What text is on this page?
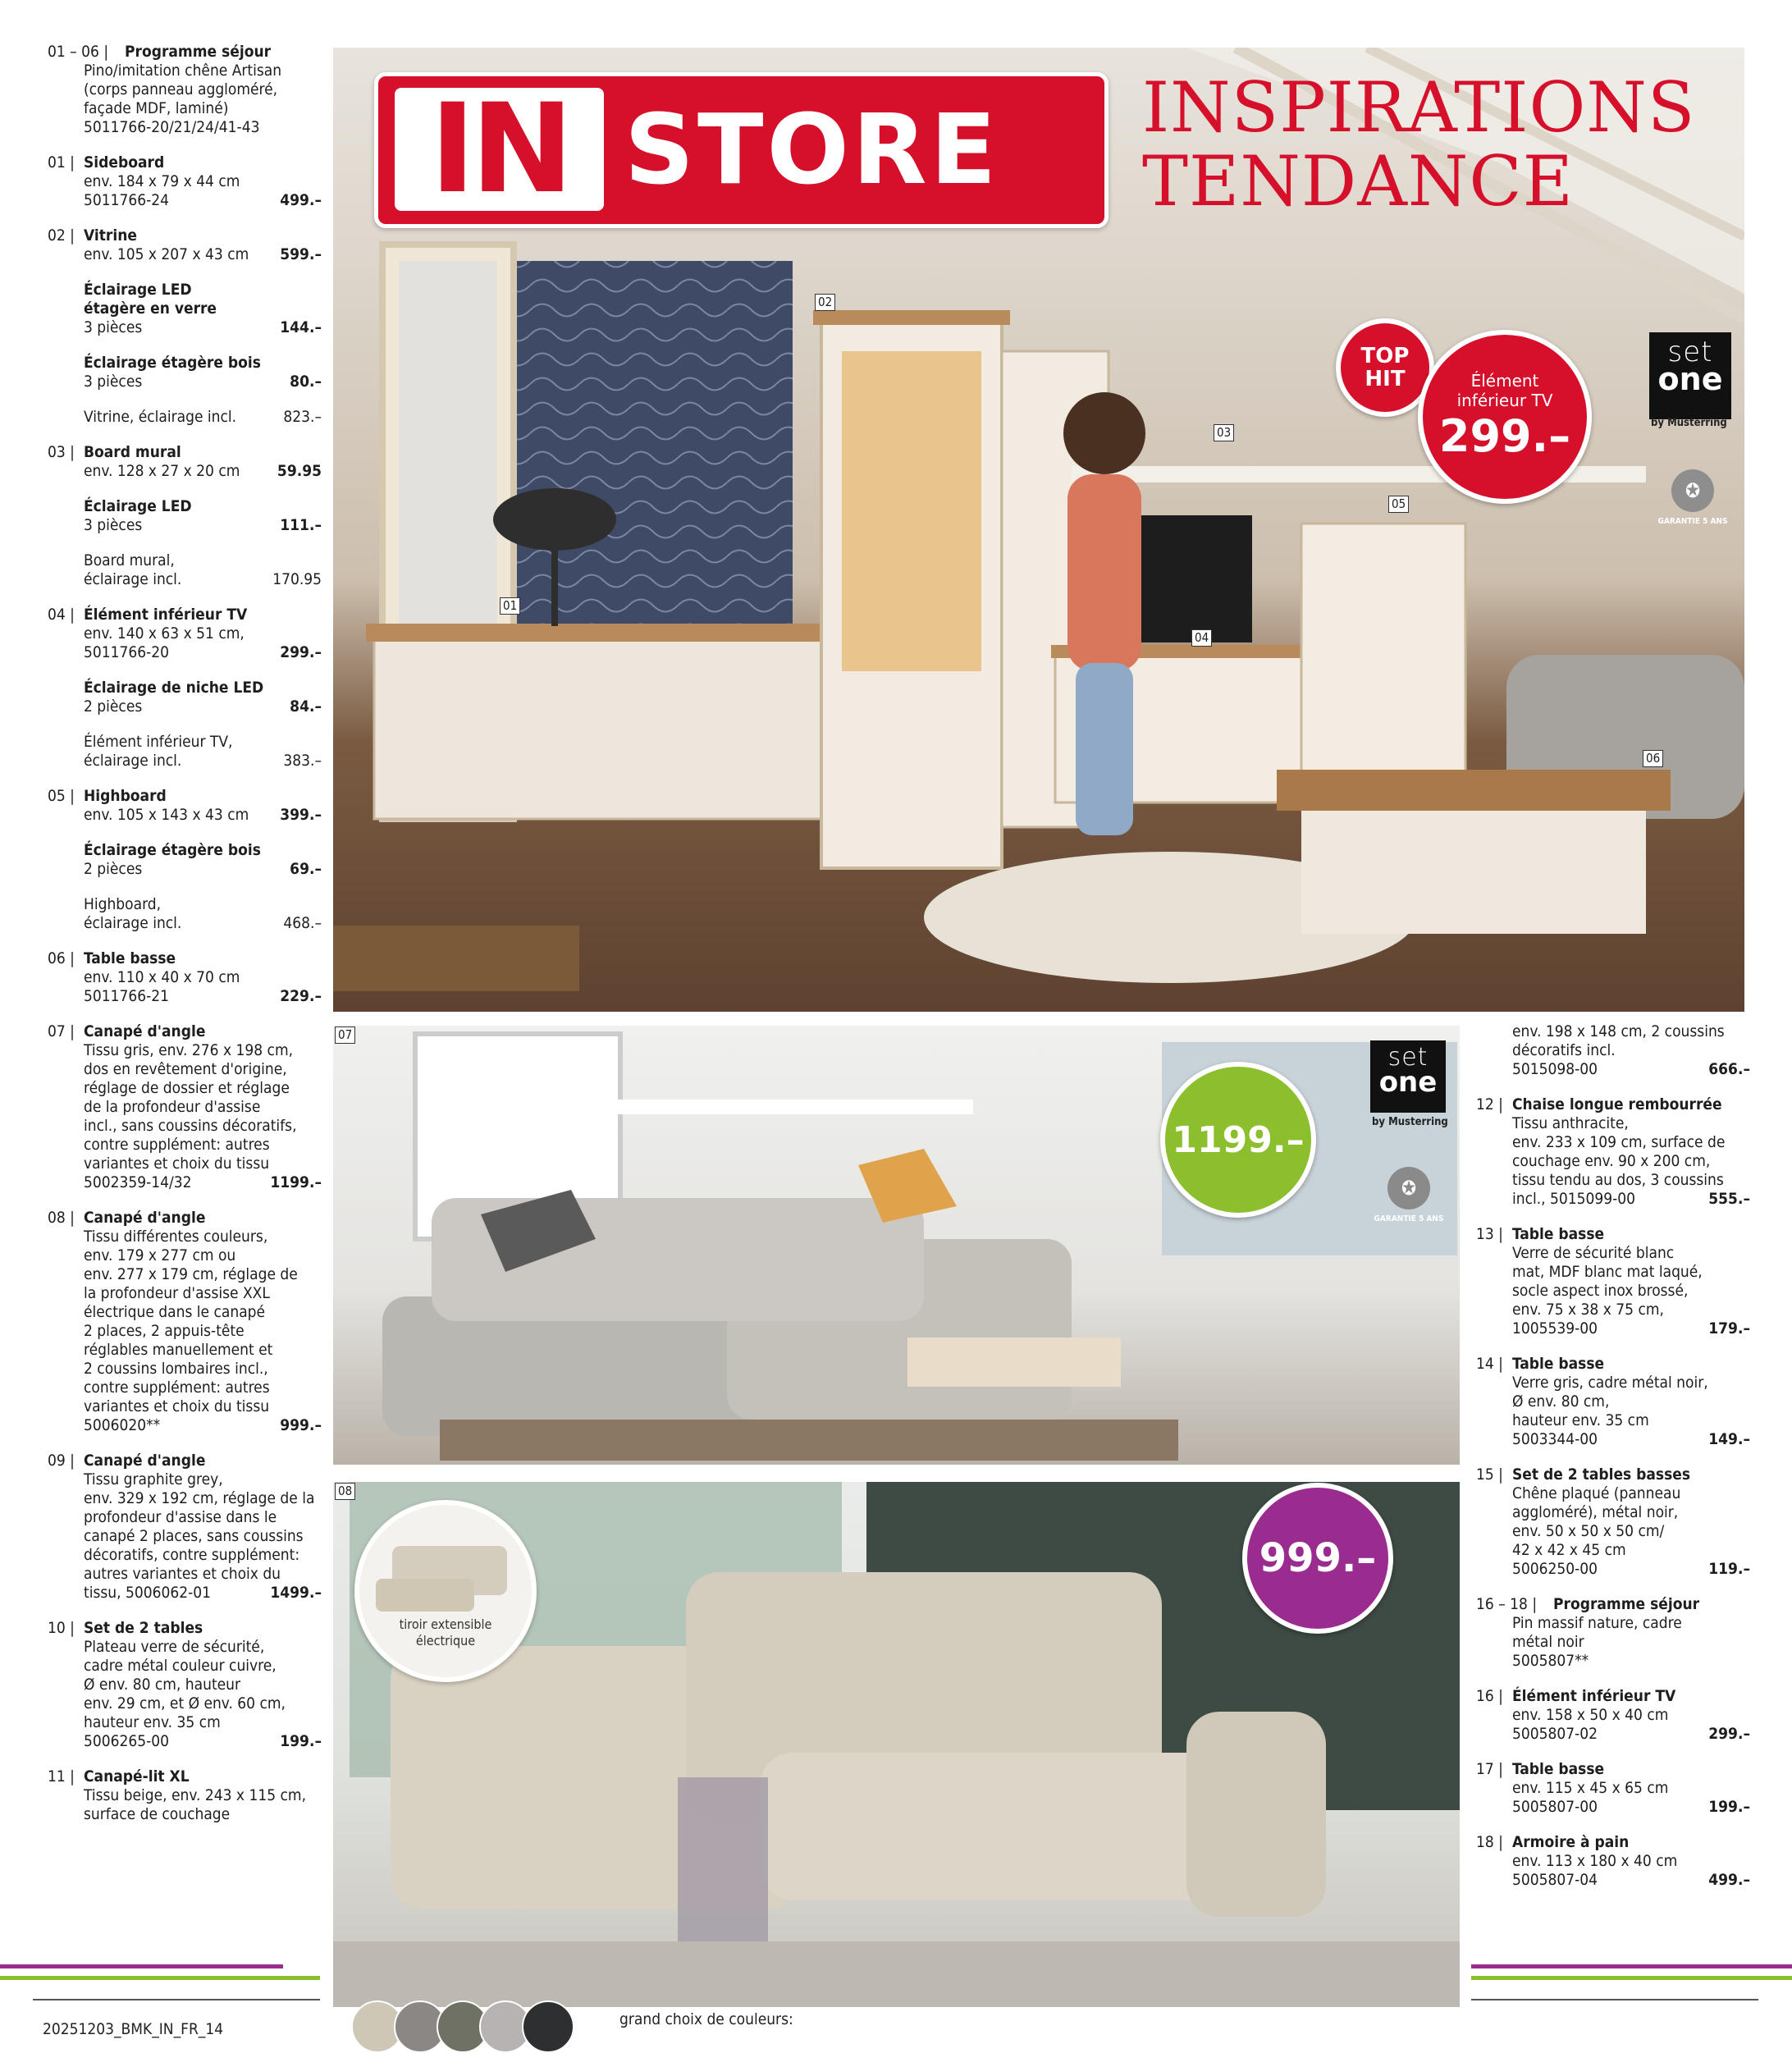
01 – 06 | Programme séjour
Pino/imitation chêne Artisan
(corps panneau aggloméré,
façade MDF, laminé)
5011766-20/21/24/41-43
01 | Sideboard
env. 184 x 79 x 44 cm
5011766-24	499.–
02 | Vitrine
env. 105 x 207 x 43 cm	599.–
Éclairage LED
étagère en verre
3 pièces	144.–
Éclairage étagère bois
3 pièces	80.–
Vitrine, éclairage incl.	823.–
03 | Board mural
env. 128 x 27 x 20 cm	59.95
Éclairage LED
3 pièces	111.–
Board mural,
éclairage incl.	170.95
04 | Élément inférieur TV
env. 140 x 63 x 51 cm,
5011766-20	299.–
Éclairage de niche LED
2 pièces	84.–
Élément inférieur TV,
éclairage incl.	383.–
05 | Highboard
env. 105 x 143 x 43 cm	399.–
Éclairage étagère bois
2 pièces	69.–
Highboard,
éclairage incl.	468.–
06 | Table basse
env. 110 x 40 x 70 cm
5011766-21	229.–
07 | Canapé d'angle
Tissu gris, env. 276 x 198 cm,
dos en revêtement d'origine,
réglage de dossier et réglage
de la profondeur d'assise
incl., sans coussins décoratifs,
contre supplément: autres
variantes et choix du tissu
5002359-14/32	1199.–
08 | Canapé d'angle
Tissu différentes couleurs,
env. 179 x 277 cm ou
env. 277 x 179 cm, réglage de
la profondeur d'assise XXL
électrique dans le canapé
2 places, 2 appuis-tête
réglables manuellement et
2 coussins lombaires incl.,
contre supplément: autres
variantes et choix du tissu
5006020**	999.–
09 | Canapé d'angle
Tissu graphite grey,
env. 329 x 192 cm, réglage de la
profondeur d'assise dans le
canapé 2 places, sans coussins
décoratifs, contre supplément:
autres variantes et choix du
tissu, 5006062-01	1499.–
10 | Set de 2 tables
Plateau verre de sécurité,
cadre métal couleur cuivre,
Ø env. 80 cm, hauteur
env. 29 cm, et Ø env. 60 cm,
hauteur env. 35 cm
5006265-00	199.–
11 | Canapé-lit XL
Tissu beige, env. 243 x 115 cm,
surface de couchage
IN STORE INSPIRATIONS
TENDANCE
TOP HIT	Élément
inférieur TV
299.–
set
one
by Musterring
✪
GARANTIE 5 ANS
01
02
03
04
05
06
1199.–
set
one
by Musterring
✪
GARANTIE 5 ANS
07
tiroir extensible
électrique
999.–
08
env. 198 x 148 cm, 2 coussins
décoratifs incl.
5015098-00	666.–
12 | Chaise longue rembourrée
Tissu anthracite,
env. 233 x 109 cm, surface de
couchage env. 90 x 200 cm,
tissu tendu au dos, 3 coussins
incl., 5015099-00	555.–
13 | Table basse
Verre de sécurité blanc
mat, MDF blanc mat laqué,
socle aspect inox brossé,
env. 75 x 38 x 75 cm,
1005539-00	179.–
14 | Table basse
Verre gris, cadre métal noir,
Ø env. 80 cm,
hauteur env. 35 cm
5003344-00	149.–
15 | Set de 2 tables basses
Chêne plaqué (panneau
aggloméré), métal noir,
env. 50 x 50 x 50 cm/
42 x 42 x 45 cm
5006250-00	119.–
16 – 18 | Programme séjour
Pin massif nature, cadre
métal noir
5005807**
16 | Élément inférieur TV
env. 158 x 50 x 40 cm
5005807-02	299.–
17 | Table basse
env. 115 x 45 x 65 cm
5005807-00	199.–
18 | Armoire à pain
env. 113 x 180 x 40 cm
5005807-04	499.–
20251203_BMK_IN_FR_14
grand choix de couleurs:
